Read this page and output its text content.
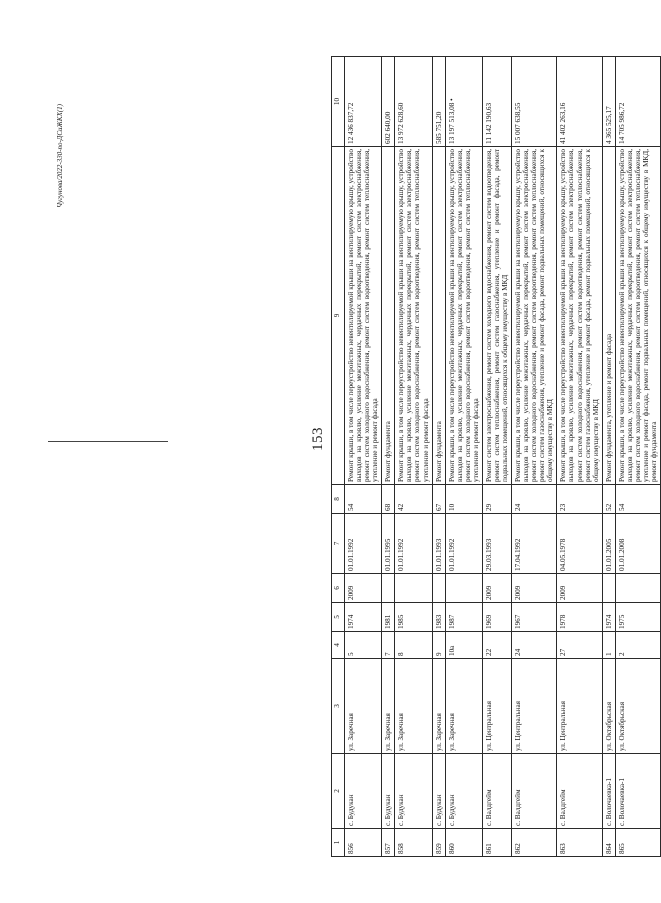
153
1	2	3	4	5	6	7	8	9	10
856	с. Будукан	ул. Заречная	5	1974	2009	01.01.1992	54	Ремонт крыши, в том числе переустройство невентилируемой крыши на вентилируемую крышу, устройство выходов на кровлю, усиление межэтажных, чердачных перекрытий, ремонт систем электроснабжения, ремонт систем холодного водоснабжения, ремонт систем водоотведения, ремонт систем теплоснабжения, утепление и ремонт фасада	12 436 837,72
857	с. Будукан	ул. Заречная	7	1981		01.01.1995	68	Ремонт фундамента	602 640,00
858	с. Будукан	ул. Заречная	8	1985		01.01.1992	42	Ремонт крыши, в том числе переустройство невентилируемой крыши на вентилируемую крышу, устройство выходов на кровлю, усиление межэтажных, чердачных перекрытий, ремонт систем электроснабжения, ремонт систем холодного водоснабжения, ремонт систем водоотведения, ремонт систем теплоснабжения, утепление и ремонт фасада	13 972 628,60
859	с. Будукан	ул. Заречная	9	1983		01.01.1993	67	Ремонт фундамента	585 751,20
860	с. Будукан	ул. Заречная	10а	1987		01.01.1992	10	Ремонт крыши, в том числе переустройство невентилируемой крыши на вентилируемую крышу, устройство выходов на кровлю, усиление межэтажных, чердачных перекрытий, ремонт систем электроснабжения, ремонт систем холодного водоснабжения, ремонт систем водоотведения, ремонт систем теплоснабжения, утепление и ремонт фасада	13 197 513,08 •
861	с. Валдгейм	ул. Центральная	22	1969	2009	29.03.1993	29	Ремонт систем электроснабжения, ремонт систем холодного водоснабжения, ремонт систем водоотведения, ремонт систем теплоснабжения, ремонт систем газоснабжения, утепление и ремонт фасада, ремонт подвальных помещений, относящихся к общему имуществу в МКД	11 142 190,63
862	с. Валдгейм	ул. Центральная	24	1967	2009	17.04.1992	24	Ремонт крыши, в том числе переустройство невентилируемой крыши на вентилируемую крышу, устройство выходов на кровлю, усиление межэтажных, чердачных перекрытий, ремонт систем электроснабжения, ремонт систем холодного водоснабжения, ремонт систем водоотведения, ремонт систем теплоснабжения, ремонт систем газоснабжения, утепление и ремонт фасада, ремонт подвальных помещений, относящихся к общему имуществу в МКД	15 007 638,55
863	с. Валдгейм	ул. Центральная	27	1978	2009	04.05.1978	23	Ремонт крыши, в том числе переустройство невентилируемой крыши на вентилируемую крышу, устройство выходов на кровлю, усиление межэтажных, чердачных перекрытий, ремонт систем электроснабжения, ремонт систем холодного водоснабжения, ремонт систем водоотведения, ремонт систем теплоснабжения, ремонт систем газоснабжения, утепление и ремонт фасада, ремонт подвальных помещений, относящихся к общему имуществу в МКД	41 402 263,16
864	с. Волочаевка-1	ул. Октябрьская	1	1974		01.01.2005	52	Ремонт фундамента, утепление и ремонт фасада	4 365 525,17
865	с. Волочаевка-1	ул. Октябрьская	2	1975		01.01.2008	54	Ремонт крыши, в том числе переустройство невентилируемой крыши на вентилируемую крышу, устройство выходов на кровлю, усиление межэтажных, чердачных перекрытий, ремонт систем электроснабжения, ремонт систем холодного водоснабжения, ремонт систем водоотведения, ремонт систем теплоснабжения, утепление и ремонт фасада, ремонт подвальных помещений, относящихся к общему имуществу в МКД, ремонт фундамента	14 705 986,72
Чугунова/2022-330-по-ДСиЖКХ(1)
